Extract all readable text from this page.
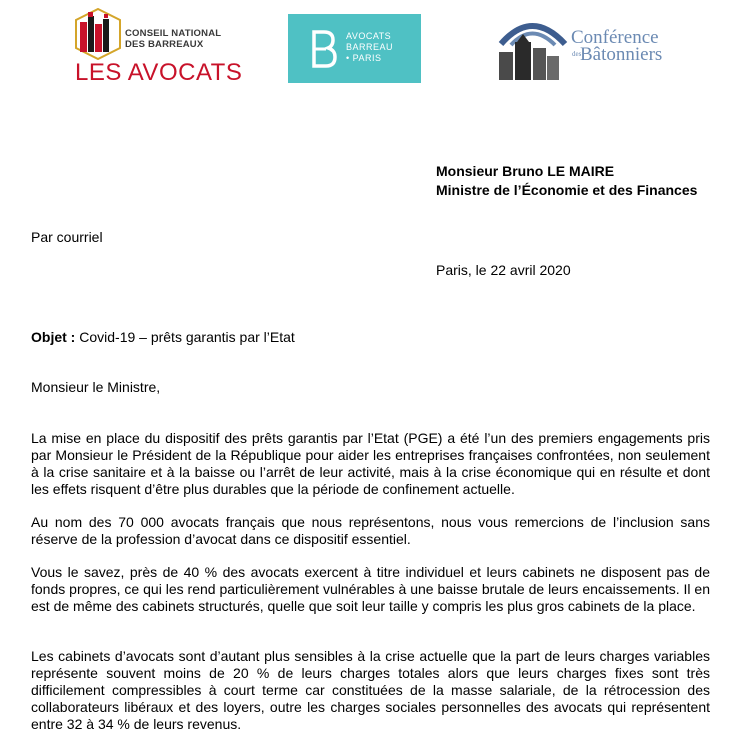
CONSEIL NATIONAL
DES BARREAUX
LES AVOCATS
AVOCATS
BARREAU
• PARIS
Conférence
des
Bâtonniers
Monsieur Bruno LE MAIRE
Ministre de l’Économie et des Finances
Par courriel
Paris, le 22 avril 2020
Objet : Covid-19 – prêts garantis par l’Etat
Monsieur le Ministre,
La mise en place du dispositif des prêts garantis par l’Etat (PGE) a été l’un des premiers engagements pris par Monsieur le Président de la République pour aider les entreprises françaises confrontées, non seulement à la crise sanitaire et à la baisse ou l’arrêt de leur activité, mais à la crise économique qui en résulte et dont les effets risquent d’être plus durables que la période de confinement actuelle.
Au nom des 70 000 avocats français que nous représentons, nous vous remercions de l’inclusion sans réserve de la profession d’avocat dans ce dispositif essentiel.
Vous le savez, près de 40 % des avocats exercent à titre individuel et leurs cabinets ne disposent pas de fonds propres, ce qui les rend particulièrement vulnérables à une baisse brutale de leurs encaissements. Il en est de même des cabinets structurés, quelle que soit leur taille y compris les plus gros cabinets de la place.
Les cabinets d’avocats sont d’autant plus sensibles à la crise actuelle que la part de leurs charges variables représente souvent moins de 20 % de leurs charges totales alors que leurs charges fixes sont très difficilement compressibles à court terme car constituées de la masse salariale, de la rétrocession des collaborateurs libéraux et des loyers, outre les charges sociales personnelles des avocats qui représentent entre 32 à 34 % de leurs revenus.
